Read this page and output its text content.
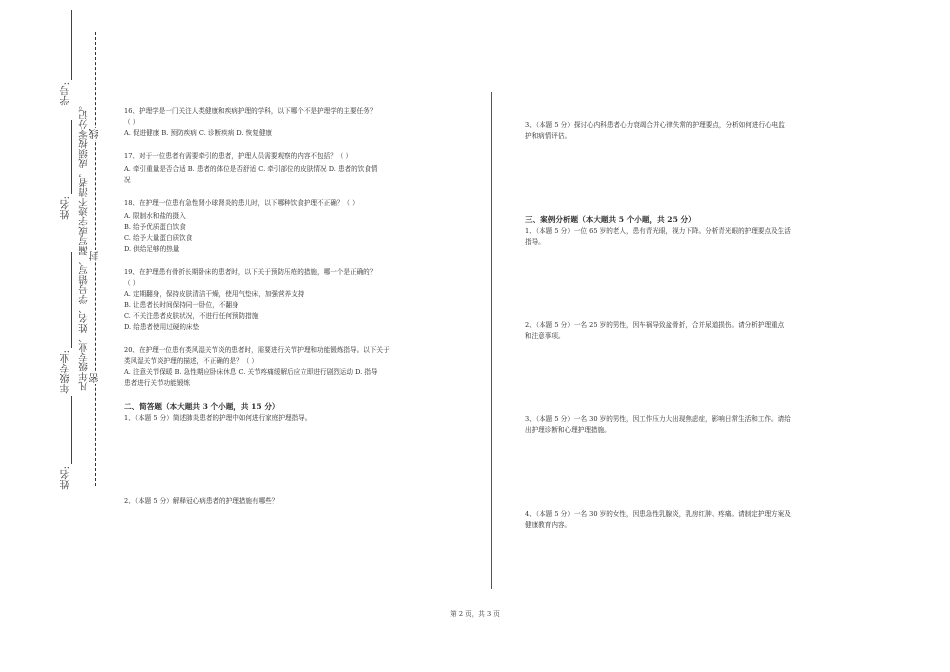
学号:
姓名:
年级专业:
姓名:
凡年级专业、姓名、学号错写、漏写或字迹不清者，成绩按零分记。 密
封
线

16、护理学是一门关注人类健康和疾病护理的学科，以下哪个不是护理学的主要任务？

（ ）

A. 促进健康 B. 预防疾病 C. 诊断疾病 D. 恢复健康

17、对于一位患者有需要牵引的患者，护理人员需要观察的内容不包括？（ ）

A. 牵引重量是否合适 B. 患者的体位是否舒适 C. 牵引部位的皮肤情况 D. 患者的饮食情

况

18、在护理一位患有急性肾小球肾炎的患儿时，以下哪种饮食护理不正确？（ ）

A. 限制水和盐的摄入

B. 给予优质蛋白饮食

C. 给予大量蛋白质饮食

D. 供给足够的热量

19、在护理患有骨折长期卧床的患者时，以下关于预防压疮的措施，哪一个是正确的？

（ ）

A. 定期翻身，保持皮肤清洁干燥，使用气垫床，加强营养支持

B. 让患者长时间保持同一卧位，不翻身

C. 不关注患者皮肤状况，不进行任何预防措施

D. 给患者使用过硬的床垫

20、在护理一位患有类风湿关节炎的患者时，需要进行关节护理和功能锻炼指导。以下关于

类风湿关节炎护理的描述，不正确的是？（ ）

A. 注意关节保暖 B. 急性期应卧床休息 C. 关节疼痛缓解后应立即进行剧烈运动 D. 指导

患者进行关节功能锻炼

二、简答题（本大题共 3 个小题，共 15 分）

1、（本题 5 分）简述肺炎患者的护理中如何进行家庭护理指导。

2、（本题 5 分）解释冠心病患者的护理措施有哪些？

3、（本题 5 分）探讨心内科患者心力衰竭合并心律失常的护理要点，分析如何进行心电监

护和病情评估。

三、案例分析题（本大题共 5 个小题，共 25 分）

1、（本题 5 分）一位 65 岁的老人，患有青光眼，视力下降。分析青光眼的护理要点及生活

指导。

2、（本题 5 分）一名 25 岁的男性，因车祸导致盆骨折，合并尿道损伤。请分析护理重点

和注意事项。

3、（本题 5 分）一名 30 岁的男性，因工作压力大出现焦虑症，影响日常生活和工作。请给

出护理诊断和心理护理措施。

4、（本题 5 分）一名 30 岁的女性，因患急性乳腺炎，乳房红肿、疼痛。请制定护理方案及

健康教育内容。

第 2 页，共 3 页
